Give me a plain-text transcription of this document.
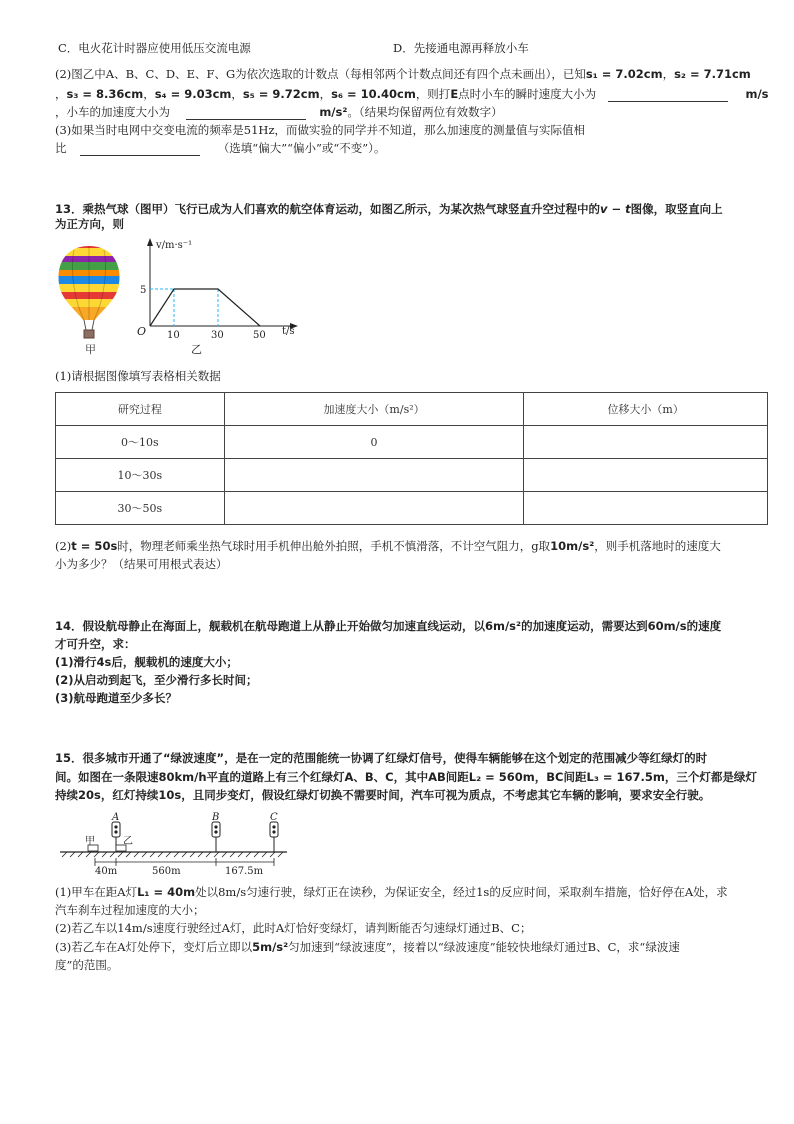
C．电火花计时器应使用低压交流电源	D．先接通电源再释放小车
(2)图乙中A、B、C、D、E、F、G为依次选取的计数点（每相邻两个计数点间还有四个点未画出），已知s₁ = 7.02cm，s₂ = 7.71cm
，s₃ = 8.36cm，s₄ = 9.03cm，s₅ = 9.72cm，s₆ = 10.40cm，则打E点时小车的瞬时速度大小为	m/s
，小车的加速度大小为	m/s²。（结果均保留两位有效数字）
(3)如果当时电网中交变电流的频率是51Hz，而做实验的同学并不知道，那么加速度的测量值与实际值相
比	（选填“偏大”“偏小”或“不变”）。
13．乘热气球（图甲）飞行已成为人们喜欢的航空体育运动，如图乙所示，为某次热气球竖直升空过程中的v − t图像，取竖直向上
为正方向，则
甲
v/m·s⁻¹
t/s
O
5
10	30	50
乙
(1)请根据图像填写表格相关数据
研究过程	加速度大小（m/s²）	位移大小（m）
0～10s	0	
10～30s		
30～50s		
(2)t = 50s时，物理老师乘坐热气球时用手机伸出舱外拍照，手机不慎滑落，不计空气阻力，g取10m/s²，则手机落地时的速度大
小为多少？（结果可用根式表达）
14．假设航母静止在海面上，舰载机在航母跑道上从静止开始做匀加速直线运动，以6m/s²的加速度运动，需要达到60m/s的速度
才可升空，求：
(1)滑行4s后，舰载机的速度大小；
(2)从启动到起飞，至少滑行多长时间；
(3)航母跑道至少多长？
15．很多城市开通了“绿波速度”，是在一定的范围能统一协调了红绿灯信号，使得车辆能够在这个划定的范围减少等红绿灯的时
间。如图在一条限速80km/h平直的道路上有三个红绿灯A、B、C，其中AB间距L₂ = 560m，BC间距L₃ = 167.5m，三个灯都是绿灯
持续20s，红灯持续10s，且同步变灯，假设红绿灯切换不需要时间，汽车可视为质点，不考虑其它车辆的影响，要求安全行驶。
A	B	C
甲	乙
40m	560m	167.5m
(1)甲车在距A灯L₁ = 40m处以8m/s匀速行驶，绿灯正在读秒，为保证安全，经过1s的反应时间，采取刹车措施，恰好停在A处，求
汽车刹车过程加速度的大小；
(2)若乙车以14m/s速度行驶经过A灯，此时A灯恰好变绿灯，请判断能否匀速绿灯通过B、C；
(3)若乙车在A灯处停下，变灯后立即以5m/s²匀加速到“绿波速度”，接着以“绿波速度”能较快地绿灯通过B、C，求“绿波速
度”的范围。
